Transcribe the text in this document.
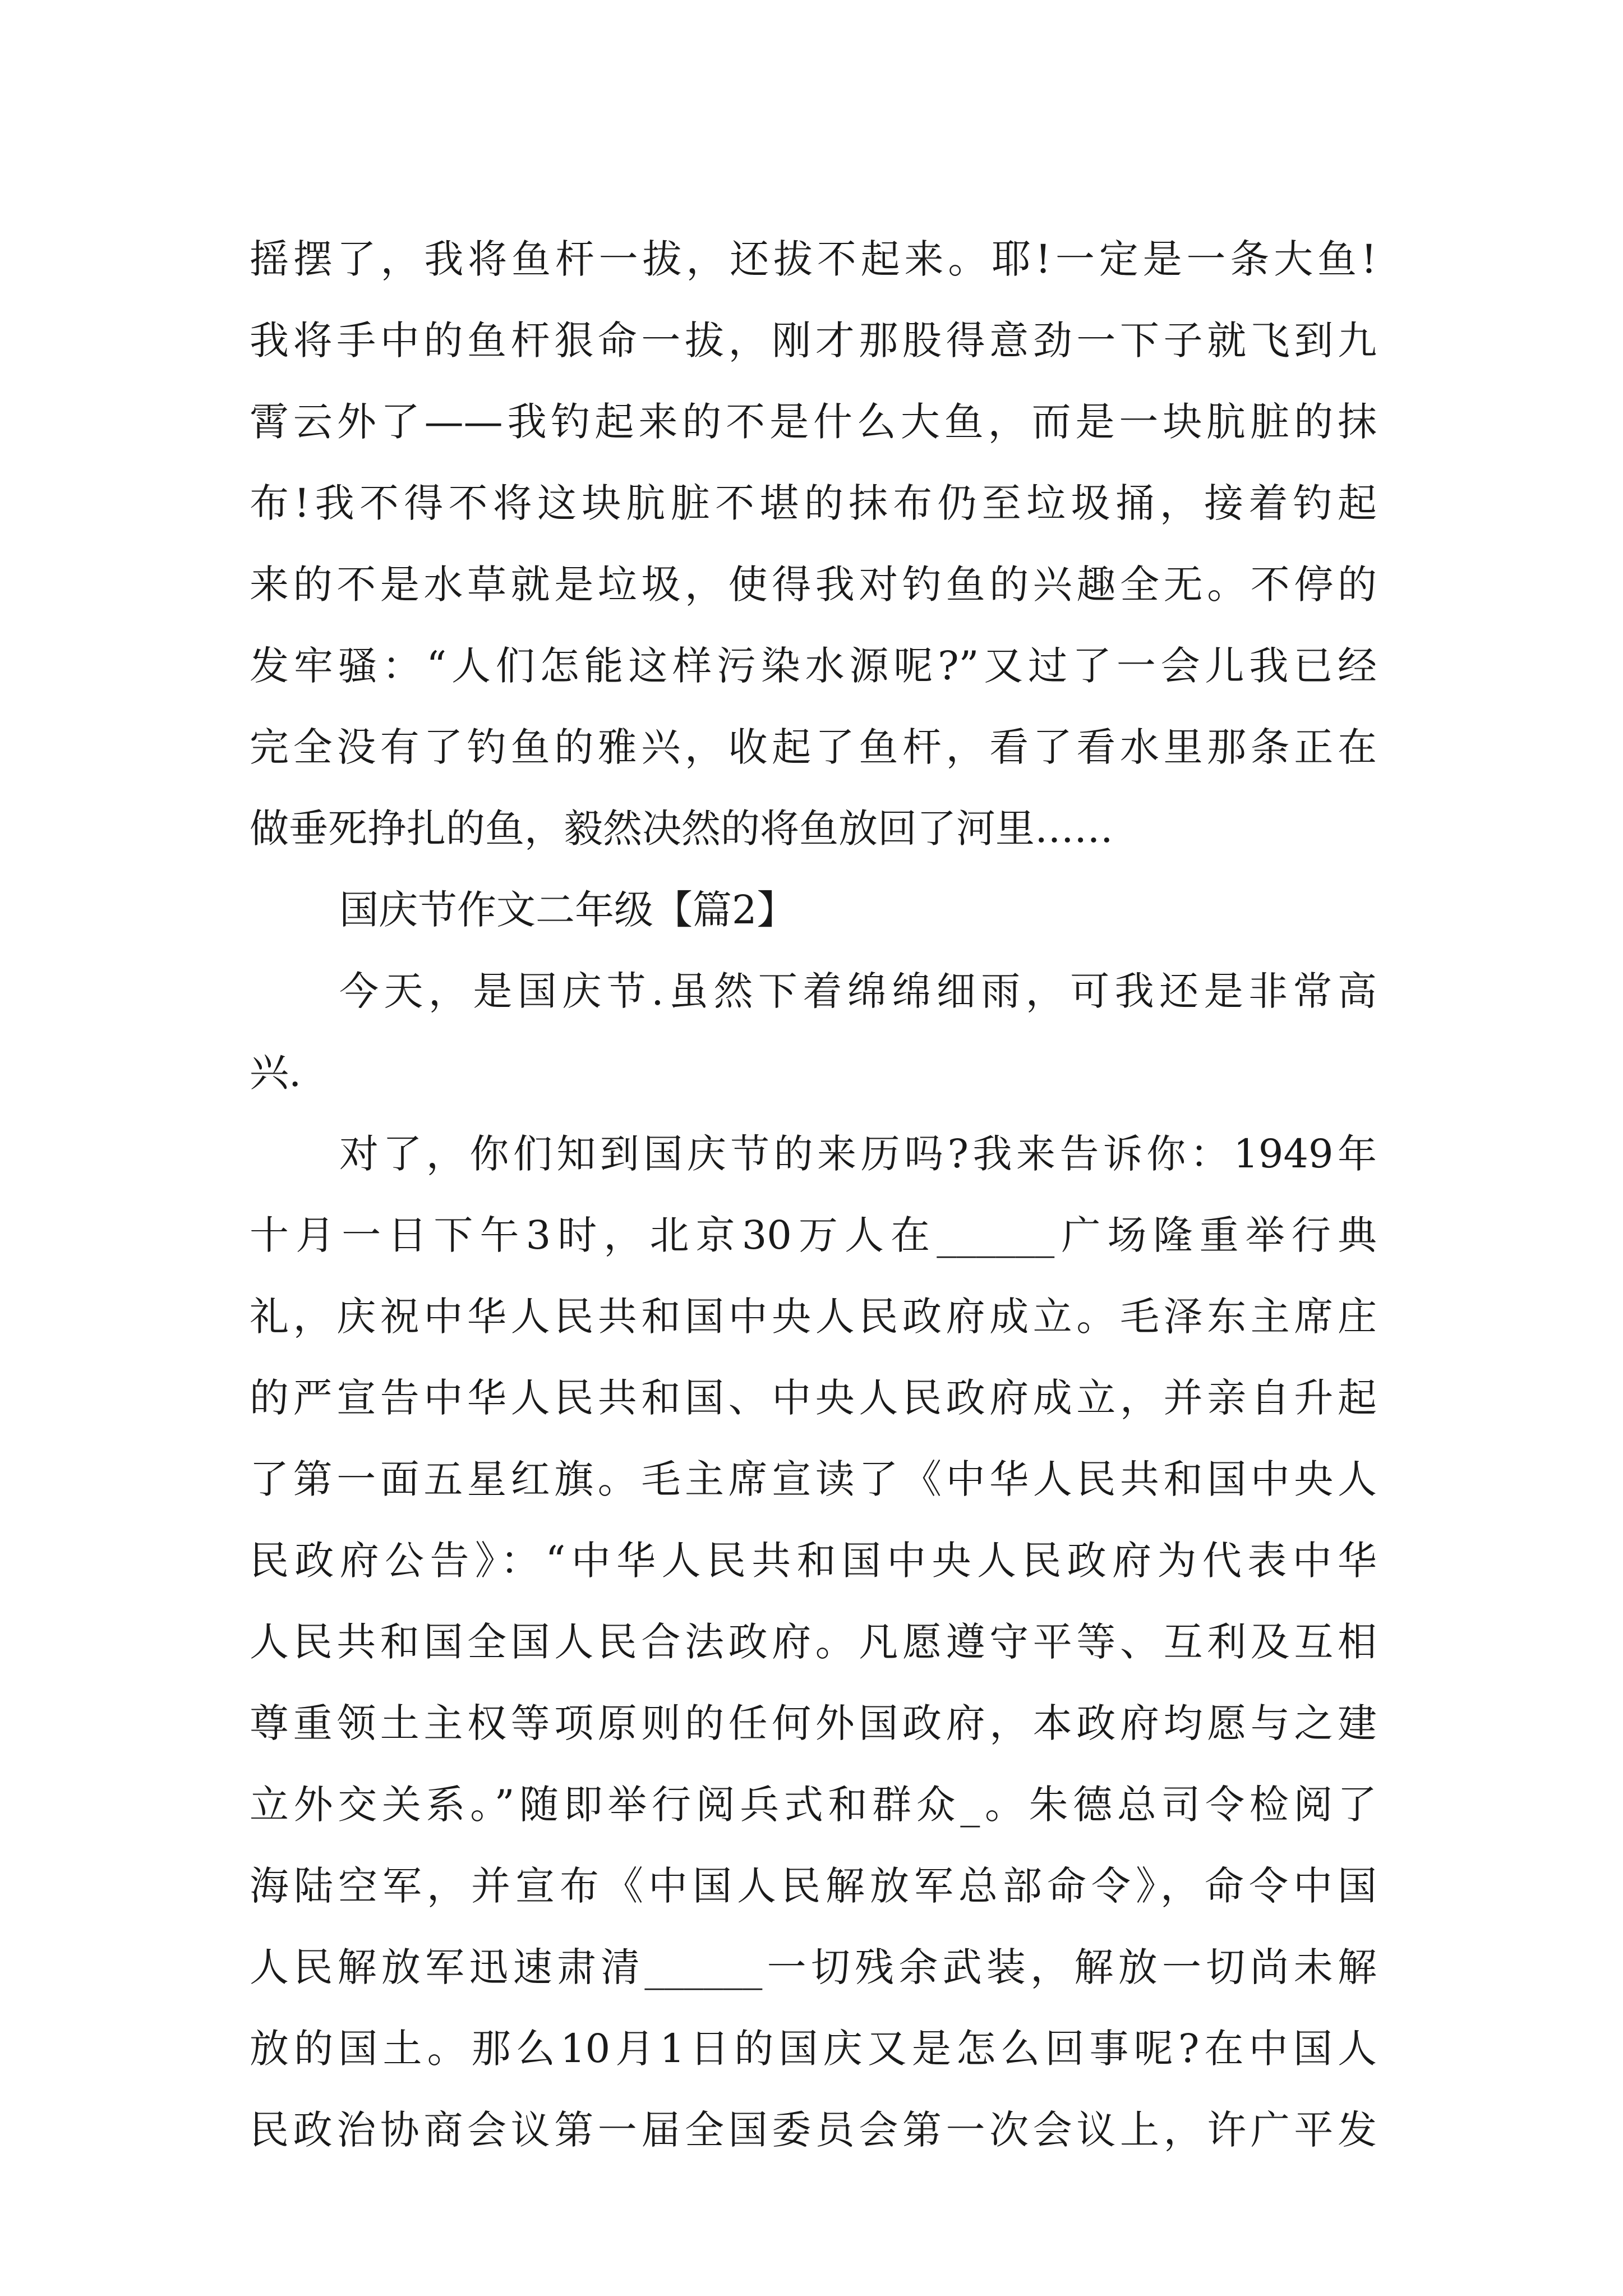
摇摆了，我将鱼杆一拔，还拔不起来。耶!一定是一条大鱼!
我将手中的鱼杆狠命一拔，刚才那股得意劲一下子就飞到九
霄云外了——我钓起来的不是什么大鱼，而是一块肮脏的抹
布!我不得不将这块肮脏不堪的抹布仍至垃圾捅，接着钓起
来的不是水草就是垃圾，使得我对钓鱼的兴趣全无。不停的
发牢骚：“人们怎能这样污染水源呢?”又过了一会儿我已经
完全没有了钓鱼的雅兴，收起了鱼杆，看了看水里那条正在
做垂死挣扎的鱼，毅然决然的将鱼放回了河里……
国庆节作文二年级【篇2】
今天，是国庆节.虽然下着绵绵细雨，可我还是非常高
兴.
对了，你们知到国庆节的来历吗?我来告诉你：1949年
十月一日下午3时，北京30万人在______广场隆重举行典
礼，庆祝中华人民共和国中央人民政府成立。毛泽东主席庄
的严宣告中华人民共和国、中央人民政府成立，并亲自升起
了第一面五星红旗。毛主席宣读了《中华人民共和国中央人
民政府公告》：“中华人民共和国中央人民政府为代表中华
人民共和国全国人民合法政府。凡愿遵守平等、互利及互相
尊重领土主权等项原则的任何外国政府，本政府均愿与之建
立外交关系。”随即举行阅兵式和群众_。朱德总司令检阅了
海陆空军，并宣布《中国人民解放军总部命令》，命令中国
人民解放军迅速肃清______一切残余武装，解放一切尚未解
放的国土。那么10月1日的国庆又是怎么回事呢?在中国人
民政治协商会议第一届全国委员会第一次会议上，许广平发
